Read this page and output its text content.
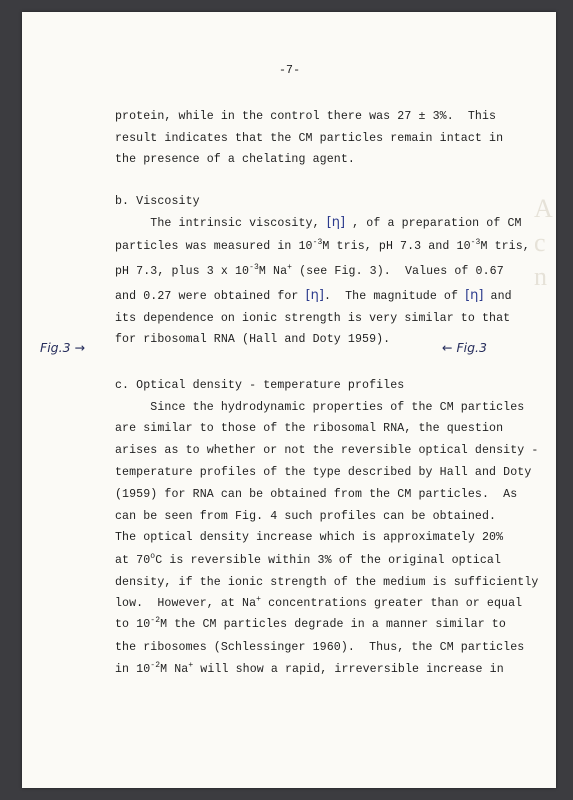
A
c
n
-7-
protein, while in the control there was 27 ± 3%.  This
result indicates that the CM particles remain intact in
the presence of a chelating agent.
b. Viscosity
The intrinsic viscosity, [η] , of a preparation of CM
particles was measured in $10^{-3}M$ tris, pH 7.3 and $10^{-3}M$ tris,
pH 7.3, plus 3 x $10^{-3}M$ Na+ (see Fig. 3).  Values of 0.67
and 0.27 were obtained for [η].  The magnitude of [η] and
its dependence on ionic strength is very similar to that
for ribosomal RNA (Hall and Doty 1959).
c. Optical density - temperature profiles
Since the hydrodynamic properties of the CM particles
are similar to those of the ribosomal RNA, the question
arises as to whether or not the reversible optical density -
temperature profiles of the type described by Hall and Doty
(1959) for RNA can be obtained from the CM particles.  As
can be seen from Fig. 4 such profiles can be obtained.
The optical density increase which is approximately 20%
at 70$^o$C is reversible within 3% of the original optical
density, if the ionic strength of the medium is sufficiently
low.  However, at Na+ concentrations greater than or equal
to $10^{-2}M$ the CM particles degrade in a manner similar to
the ribosomes (Schlessinger 1960).  Thus, the CM particles
in $10^{-2}M$ Na+ will show a rapid, irreversible increase in
Fig.3 →	← Fig.3
